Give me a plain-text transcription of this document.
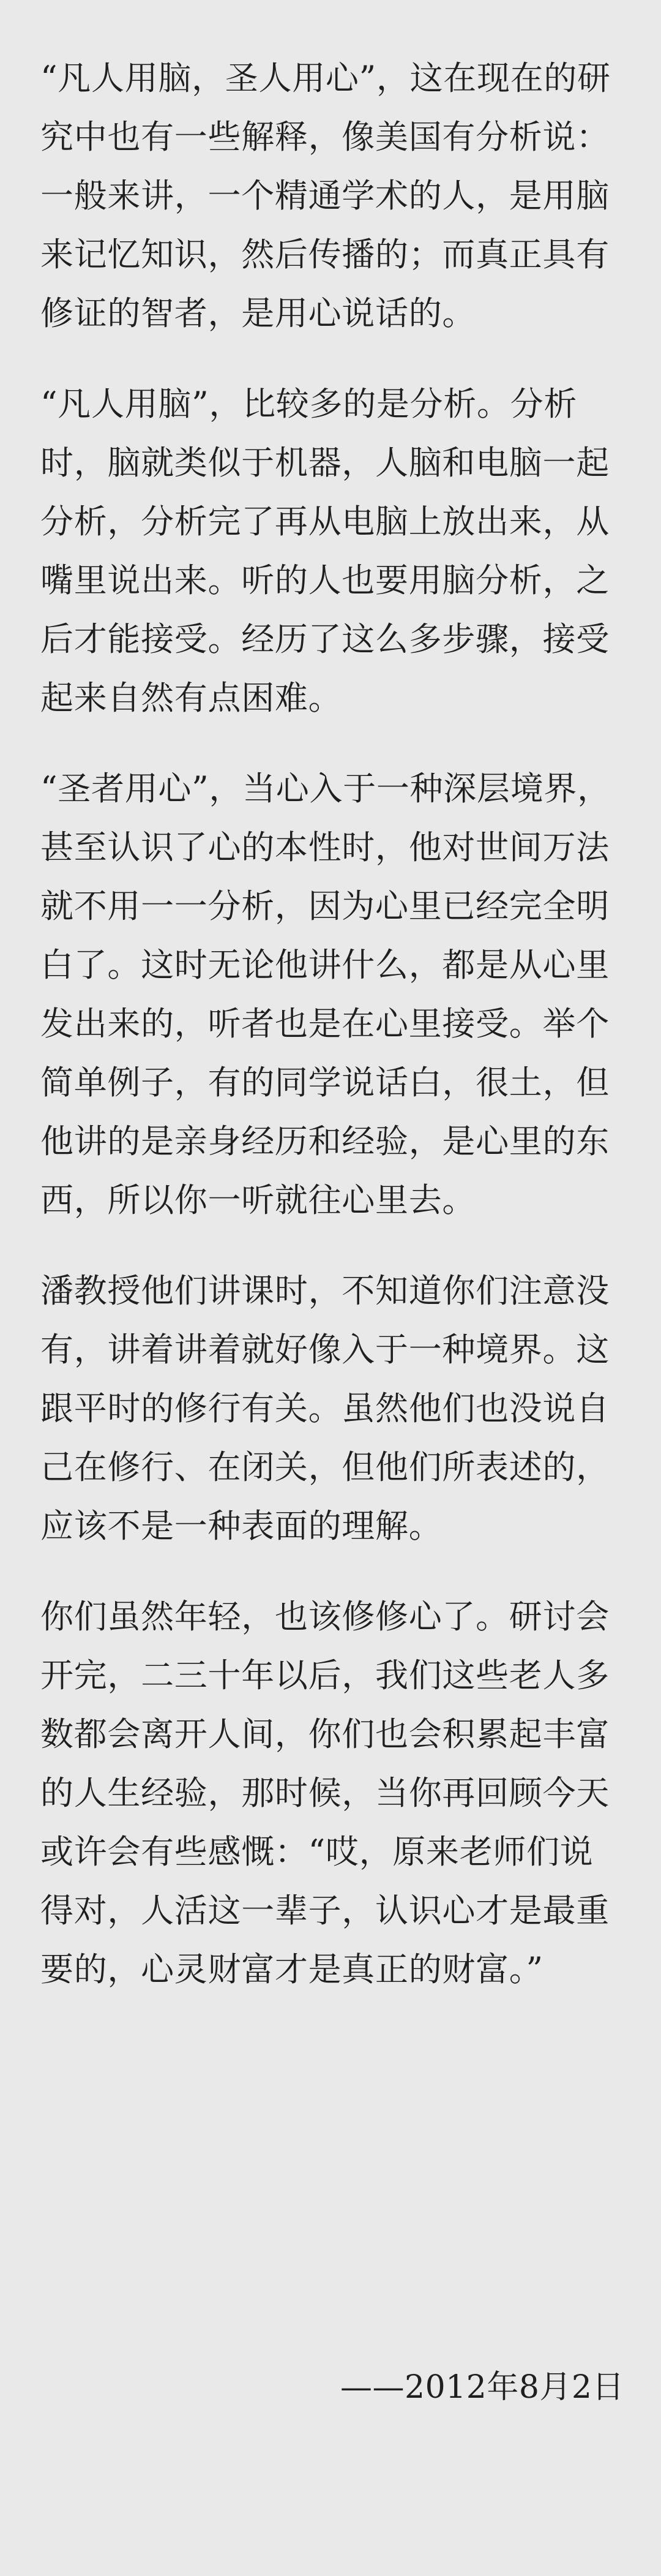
“凡人用脑，圣人用心”，这在现在的研究中也有一些解释，像美国有分析说：一般来讲，一个精通学术的人，是用脑来记忆知识，然后传播的；而真正具有修证的智者，是用心说话的。

“凡人用脑”，比较多的是分析。分析时，脑就类似于机器，人脑和电脑一起分析，分析完了再从电脑上放出来，从嘴里说出来。听的人也要用脑分析，之后才能接受。经历了这么多步骤，接受起来自然有点困难。

“圣者用心”，当心入于一种深层境界，甚至认识了心的本性时，他对世间万法就不用一一分析，因为心里已经完全明白了。这时无论他讲什么，都是从心里发出来的，听者也是在心里接受。举个简单例子，有的同学说话白，很土，但他讲的是亲身经历和经验，是心里的东西，所以你一听就往心里去。

潘教授他们讲课时，不知道你们注意没有，讲着讲着就好像入于一种境界。这跟平时的修行有关。虽然他们也没说自己在修行、在闭关，但他们所表述的，应该不是一种表面的理解。

你们虽然年轻，也该修修心了。研讨会开完，二三十年以后，我们这些老人多数都会离开人间，你们也会积累起丰富的人生经验，那时候，当你再回顾今天或许会有些感慨：“哎，原来老师们说得对，人活这一辈子，认识心才是最重要的，心灵财富才是真正的财富。”

——2012年8月2日
